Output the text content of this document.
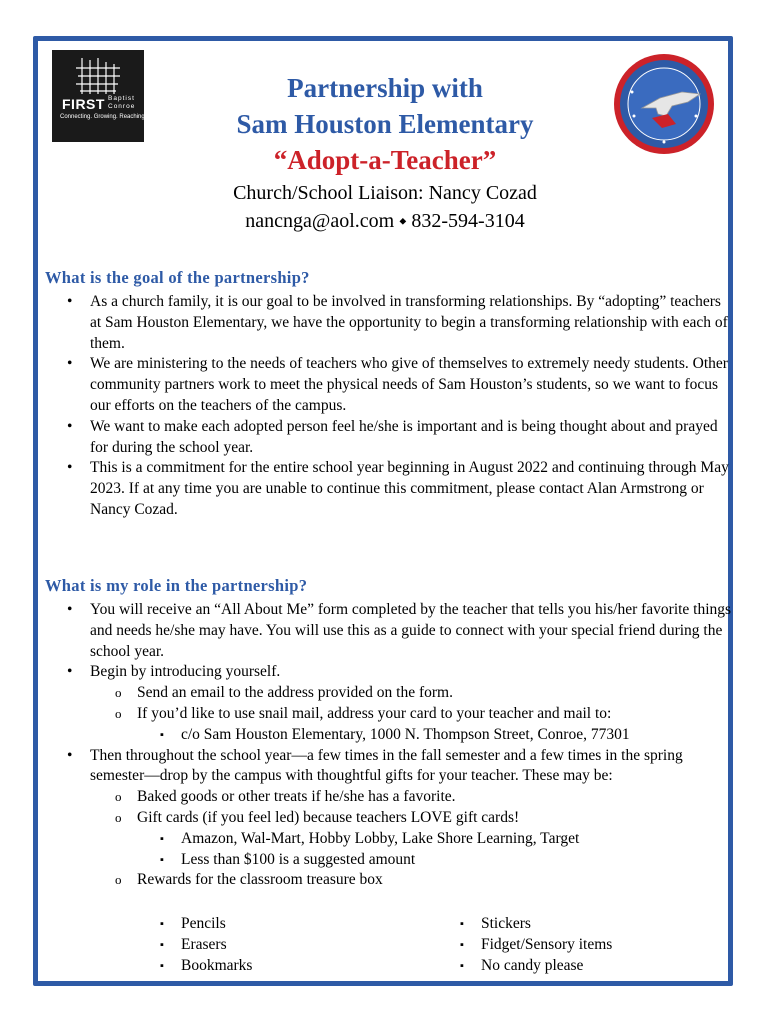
FIRST Baptist
Conroe
Connecting. Growing. Reaching.
Partnership with
Sam Houston Elementary
“Adopt-a-Teacher”
Church/School Liaison: Nancy Cozad
nancnga@aol.com ⬩ 832-594-3104
What is the goal of the partnership?
• As a church family, it is our goal to be involved in transforming relationships. By “adopting” teachers at Sam Houston Elementary, we have the opportunity to begin a transforming relationship with each of them.
• We are ministering to the needs of teachers who give of themselves to extremely needy students. Other community partners work to meet the physical needs of Sam Houston’s students, so we want to focus our efforts on the teachers of the campus.
• We want to make each adopted person feel he/she is important and is being thought about and prayed for during the school year.
• This is a commitment for the entire school year beginning in August 2022 and continuing through May 2023. If at any time you are unable to continue this commitment, please contact Alan Armstrong or Nancy Cozad.
What is my role in the partnership?
• You will receive an “All About Me” form completed by the teacher that tells you his/her favorite things and needs he/she may have. You will use this as a guide to connect with your special friend during the school year.
• Begin by introducing yourself.
o Send an email to the address provided on the form.
o If you’d like to use snail mail, address your card to your teacher and mail to:
▪ c/o Sam Houston Elementary, 1000 N. Thompson Street, Conroe, 77301
• Then throughout the school year—a few times in the fall semester and a few times in the spring semester—drop by the campus with thoughtful gifts for your teacher. These may be:
o Baked goods or other treats if he/she has a favorite.
o Gift cards (if you feel led) because teachers LOVE gift cards!
▪ Amazon, Wal-Mart, Hobby Lobby, Lake Shore Learning, Target
▪ Less than $100 is a suggested amount
o Rewards for the classroom treasure box
▪ Pencils
▪ Erasers
▪ Bookmarks
▪ Stickers
▪ Fidget/Sensory items
▪ No candy please
